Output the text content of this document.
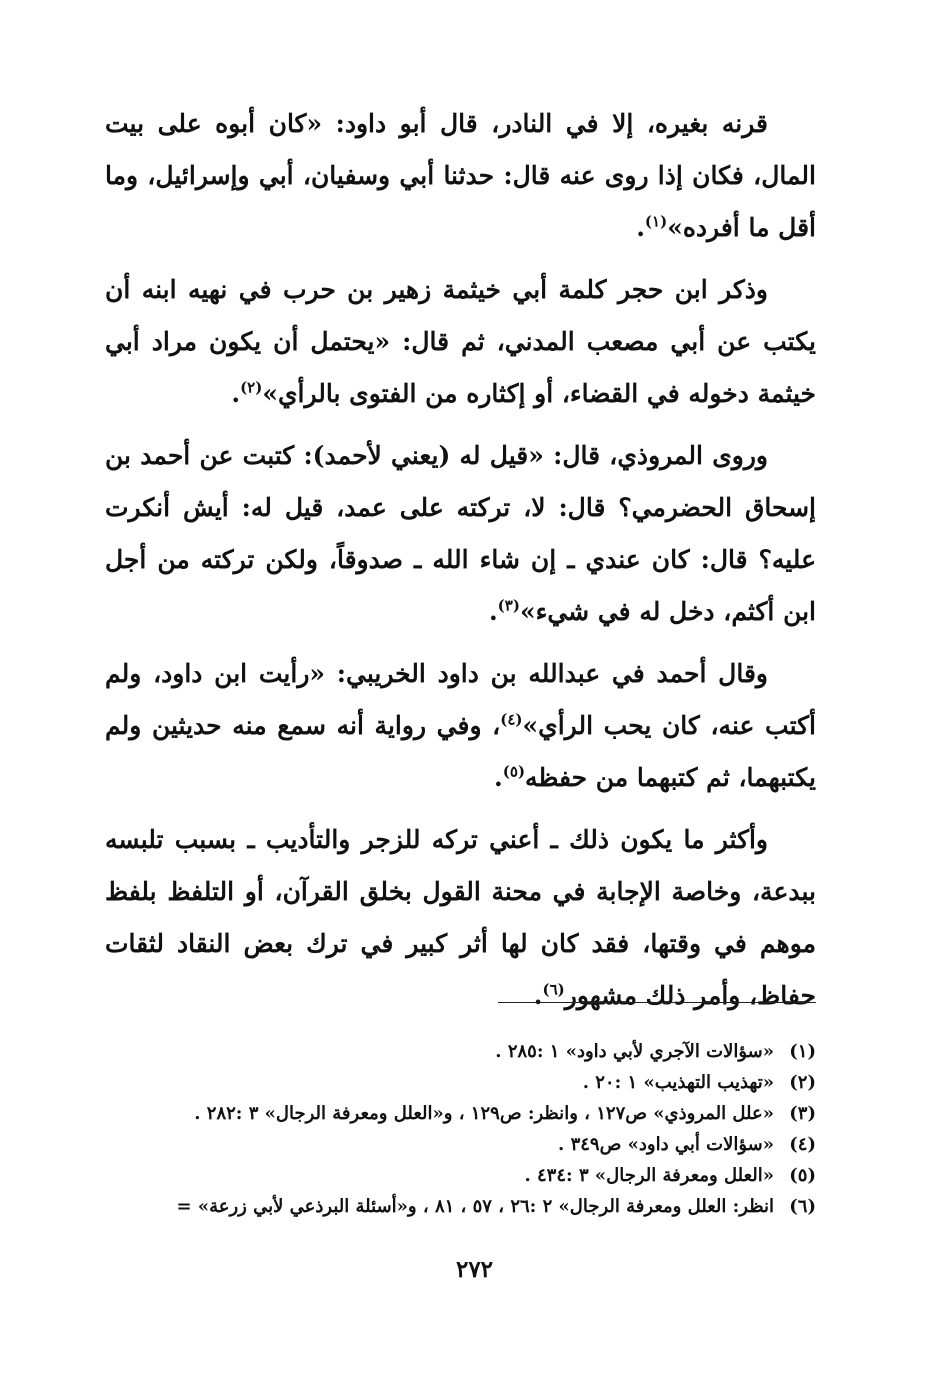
قرنه بغيره، إلا في النادر، قال أبو داود: «كان أبوه على بيت المال، فكان إذا روى عنه قال: حدثنا أبي وسفيان، أبي وإسرائيل، وما أقل ما أفرده»$^{(١)}$.

وذكر ابن حجر كلمة أبي خيثمة زهير بن حرب في نهيه ابنه أن يكتب عن أبي مصعب المدني، ثم قال: «يحتمل أن يكون مراد أبي خيثمة دخوله في القضاء، أو إكثاره من الفتوى بالرأي»$^{(٢)}$.

وروى المروذي، قال: «قيل له (يعني لأحمد): كتبت عن أحمد بن إسحاق الحضرمي؟ قال: لا، تركته على عمد، قيل له: أيش أنكرت عليه؟ قال: كان عندي ـ إن شاء الله ـ صدوقاً، ولكن تركته من أجل ابن أكثم، دخل له في شيء»$^{(٣)}$.

وقال أحمد في عبدالله بن داود الخريبي: «رأيت ابن داود، ولم أكتب عنه، كان يحب الرأي»$^{(٤)}$، وفي رواية أنه سمع منه حديثين ولم يكتبهما، ثم كتبهما من حفظه$^{(٥)}$.

وأكثر ما يكون ذلك ـ أعني تركه للزجر والتأديب ـ بسبب تلبسه ببدعة، وخاصة الإجابة في محنة القول بخلق القرآن، أو التلفظ بلفظ موهم في وقتها، فقد كان لها أثر كبير في ترك بعض النقاد لثقات حفاظ، وأمر ذلك مشهور$^{(٦)}$.

(١)
«سؤالات الآجري لأبي داود» ١ :٢٨٥ .
(٢)
«تهذيب التهذيب» ١ :٢٠ .
(٣)
«علل المروذي» ص١٢٧ ، وانظر: ص١٢٩ ، و«العلل ومعرفة الرجال» ٣ :٢٨٢ .
(٤)
«سؤالات أبي داود» ص٣٤٩ .
(٥)
«العلل ومعرفة الرجال» ٣ :٤٣٤ .
(٦)
انظر: العلل ومعرفة الرجال» ٢ :٢٦ ، ٥٧ ، ٨١ ، و«أسئلة البرذعي لأبي زرعة» =
٢٧٢
